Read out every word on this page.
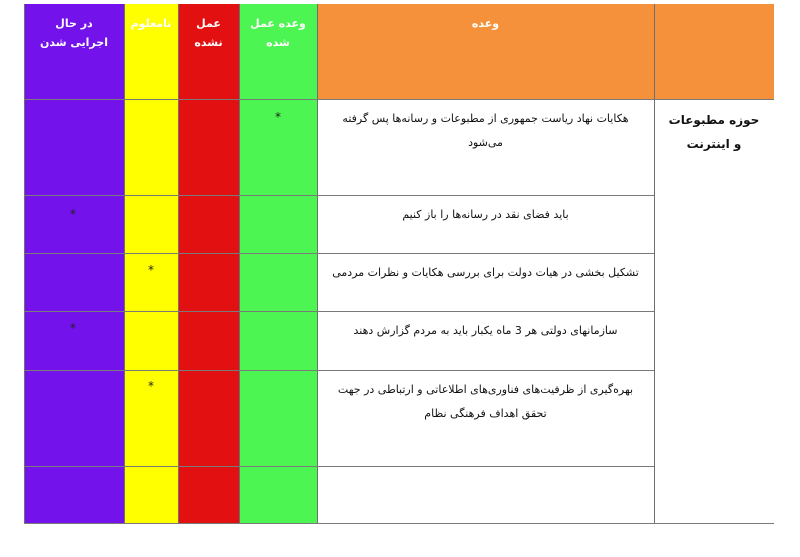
در حال اجرایی شدن
نامعلوم	عمل نشده
وعده عمل شده
وعده
حوزه مطبوعات و اینترنت
هکایات نهاد ریاست جمهوری از مطبوعات و رسانه‌ها پس گرفته
می‌شود
*
باید فضای نقد در رسانه‌ها را باز کنیم
*
تشکیل بخشی در هیات دولت برای بررسی هکایات و نظرات مردمی
*
سازمانهای دولتی هر 3 ماه یکبار باید به مردم گزارش دهند
*
بهره‌گیری از ظرفیت‌های فناوری‌های اطلاعاتی و ارتباطی در جهت
تحقق اهداف فرهنگی نظام
*
